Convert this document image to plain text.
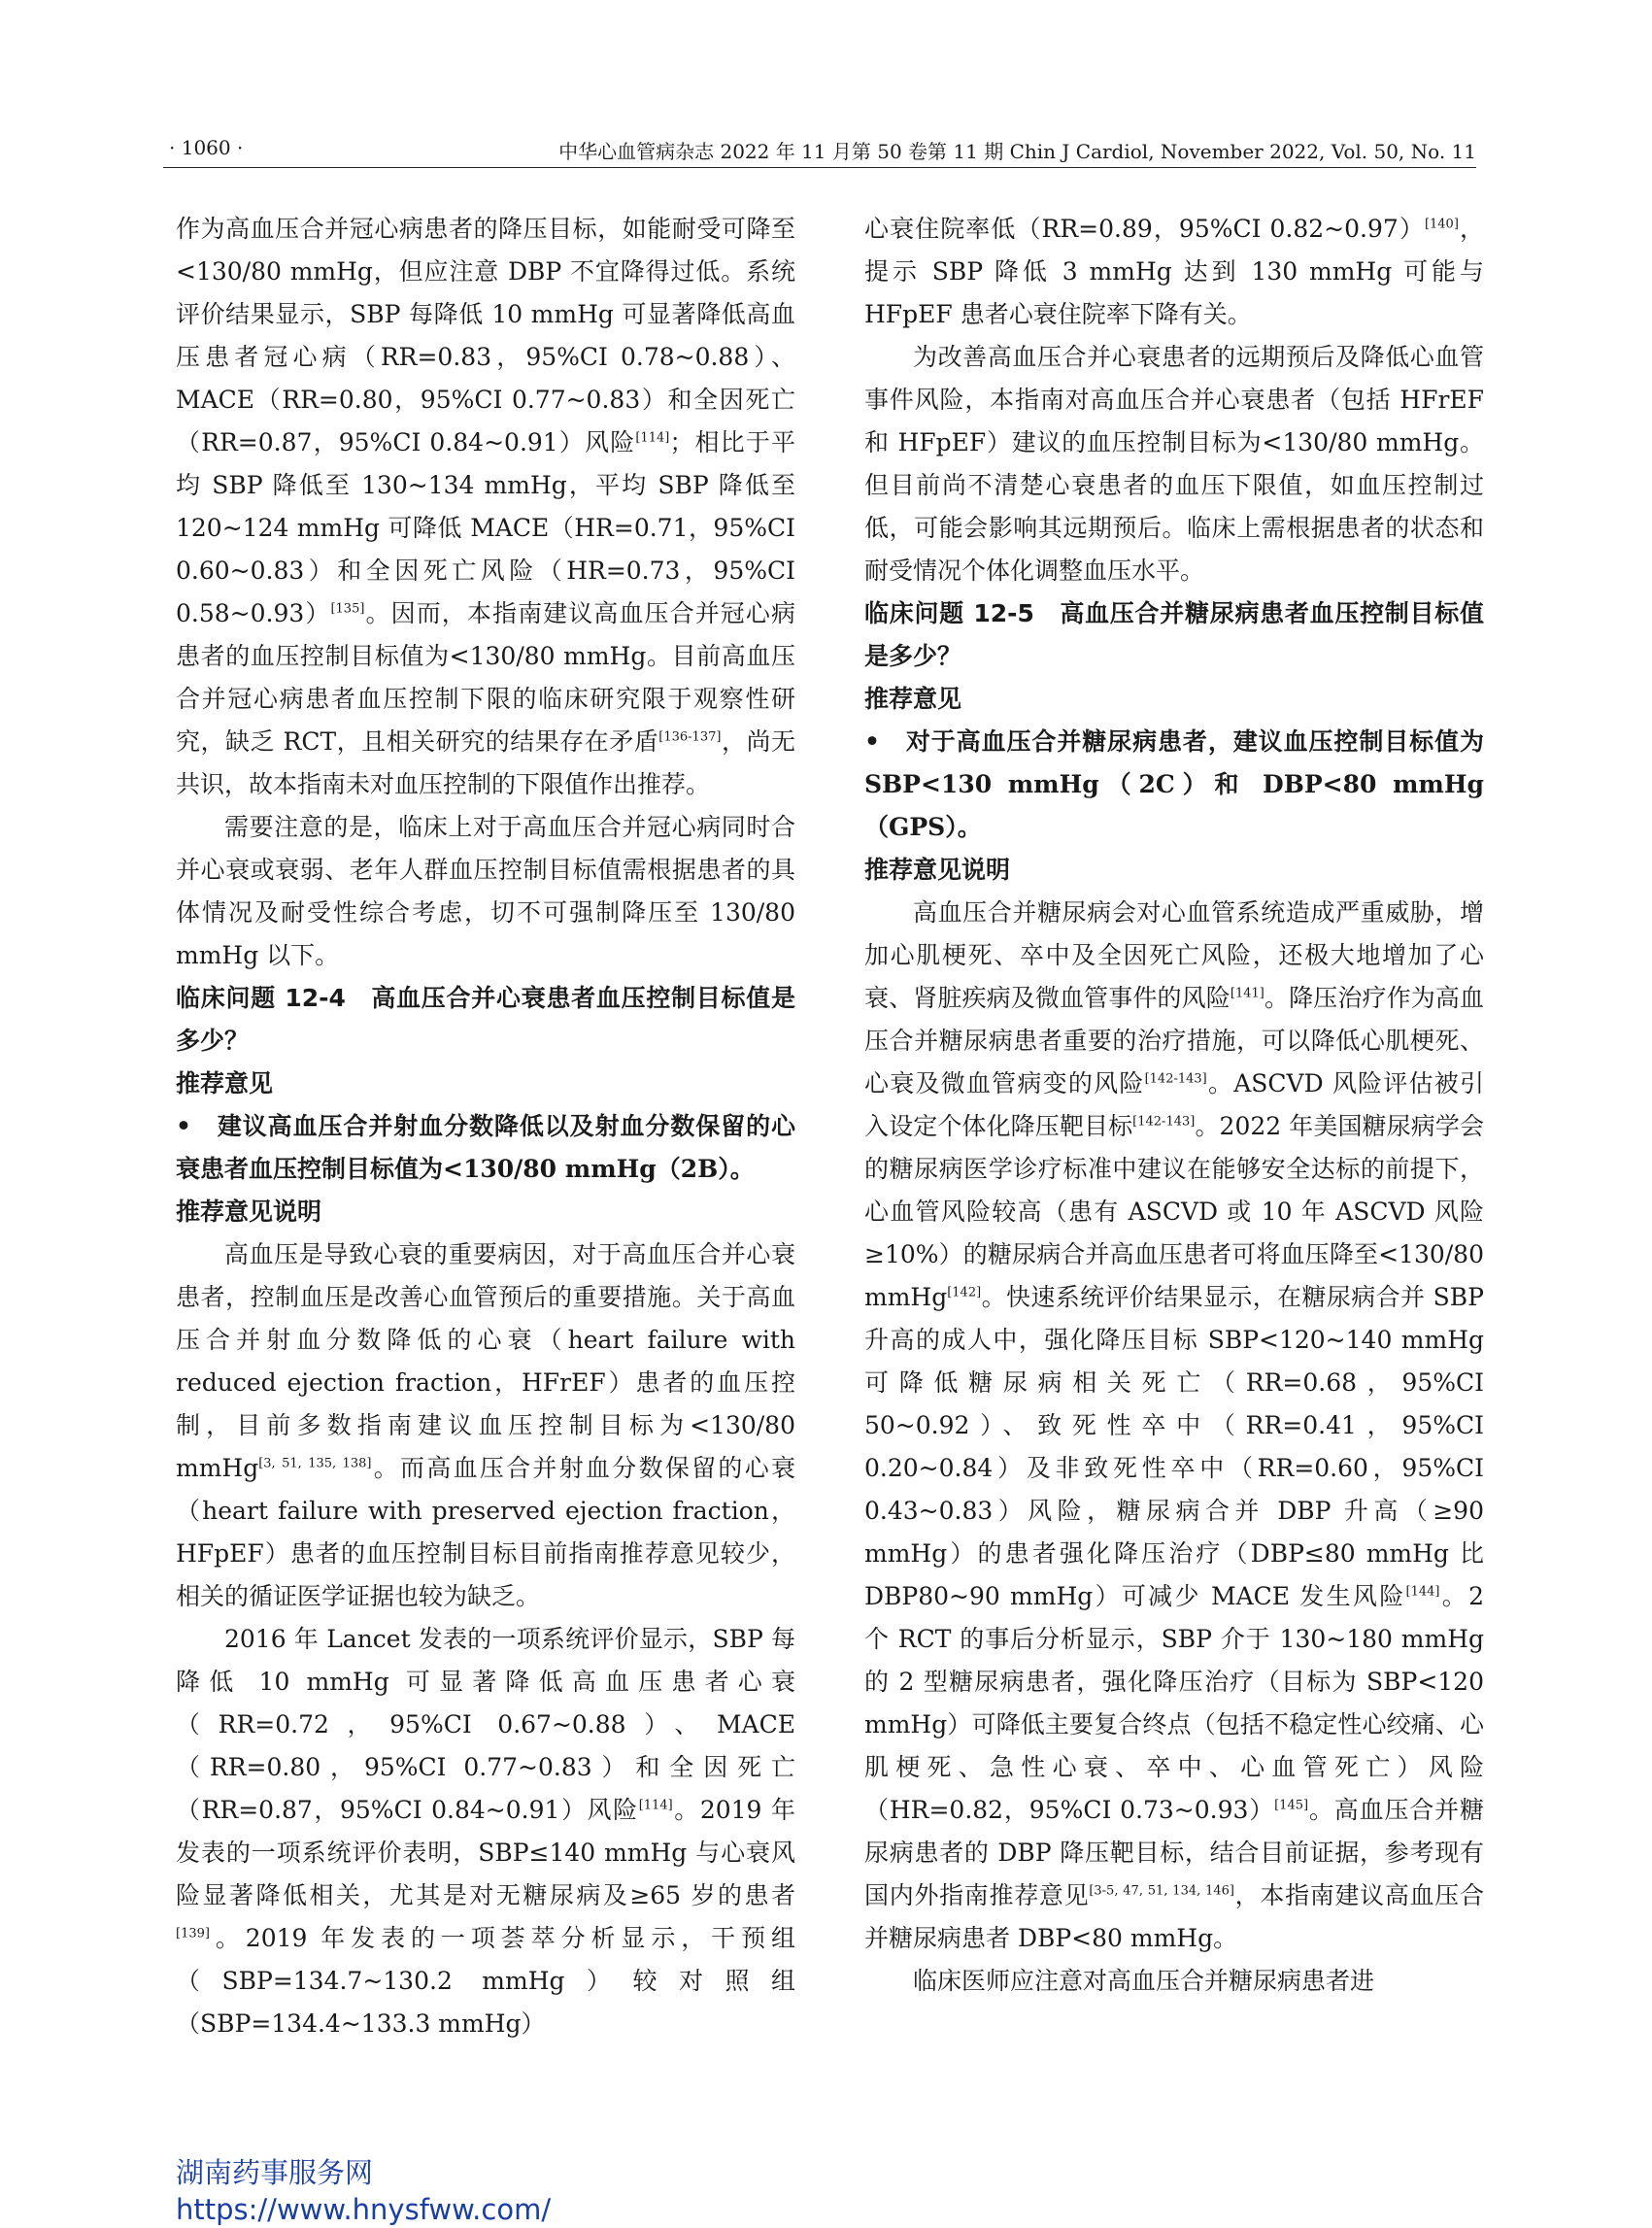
· 1060 ·	中华心血管病杂志 2022 年 11 月第 50 卷第 11 期 Chin J Cardiol, November 2022, Vol. 50, No. 11

作为高血压合并冠心病患者的降压目标，如能耐受可降至<130/80 mmHg，但应注意 DBP 不宜降得过低。系统评价结果显示，SBP 每降低 10 mmHg 可显著降低高血压患者冠心病（RR=0.83，95%CI 0.78~0.88）、MACE（RR=0.80，95%CI 0.77~0.83）和全因死亡（RR=0.87，95%CI 0.84~0.91）风险[114]；相比于平均 SBP 降低至 130~134 mmHg，平均 SBP 降低至 120~124 mmHg 可降低 MACE（HR=0.71，95%CI 0.60~0.83）和全因死亡风险（HR=0.73，95%CI 0.58~0.93）[135]。因而，本指南建议高血压合并冠心病患者的血压控制目标值为<130/80 mmHg。目前高血压合并冠心病患者血压控制下限的临床研究限于观察性研究，缺乏 RCT，且相关研究的结果存在矛盾[136-137]，尚无共识，故本指南未对血压控制的下限值作出推荐。

需要注意的是，临床上对于高血压合并冠心病同时合并心衰或衰弱、老年人群血压控制目标值需根据患者的具体情况及耐受性综合考虑，切不可强制降压至 130/80 mmHg 以下。

临床问题 12-4　高血压合并心衰患者血压控制目标值是多少？

推荐意见

•　建议高血压合并射血分数降低以及射血分数保留的心衰患者血压控制目标值为<130/80 mmHg（2B）。

推荐意见说明

高血压是导致心衰的重要病因，对于高血压合并心衰患者，控制血压是改善心血管预后的重要措施。关于高血压合并射血分数降低的心衰（heart failure with reduced ejection fraction，HFrEF）患者的血压控制，目前多数指南建议血压控制目标为<130/80 mmHg[3, 51, 135, 138]。而高血压合并射血分数保留的心衰（heart failure with preserved ejection fraction，HFpEF）患者的血压控制目标目前指南推荐意见较少，相关的循证医学证据也较为缺乏。

2016 年 Lancet 发表的一项系统评价显示，SBP 每降低 10 mmHg 可显著降低高血压患者心衰（RR=0.72，95%CI 0.67~0.88）、MACE（RR=0.80，95%CI 0.77~0.83）和全因死亡（RR=0.87，95%CI 0.84~0.91）风险[114]。2019 年发表的一项系统评价表明，SBP≤140 mmHg 与心衰风险显著降低相关，尤其是对无糖尿病及≥65 岁的患者[139]。2019 年发表的一项荟萃分析显示，干预组（SBP=134.7~130.2 mmHg）较对照组（SBP=134.4~133.3 mmHg）

心衰住院率低（RR=0.89，95%CI 0.82~0.97）[140]，提示 SBP 降低 3 mmHg 达到 130 mmHg 可能与 HFpEF 患者心衰住院率下降有关。

为改善高血压合并心衰患者的远期预后及降低心血管事件风险，本指南对高血压合并心衰患者（包括 HFrEF 和 HFpEF）建议的血压控制目标为<130/80 mmHg。但目前尚不清楚心衰患者的血压下限值，如血压控制过低，可能会影响其远期预后。临床上需根据患者的状态和耐受情况个体化调整血压水平。

临床问题 12-5　高血压合并糖尿病患者血压控制目标值是多少？

推荐意见

•　对于高血压合并糖尿病患者，建议血压控制目标值为 SBP<130 mmHg（2C）和 DBP<80 mmHg（GPS）。

推荐意见说明

高血压合并糖尿病会对心血管系统造成严重威胁，增加心肌梗死、卒中及全因死亡风险，还极大地增加了心衰、肾脏疾病及微血管事件的风险[141]。降压治疗作为高血压合并糖尿病患者重要的治疗措施，可以降低心肌梗死、心衰及微血管病变的风险[142-143]。ASCVD 风险评估被引入设定个体化降压靶目标[142-143]。2022 年美国糖尿病学会的糖尿病医学诊疗标准中建议在能够安全达标的前提下，心血管风险较高（患有 ASCVD 或 10 年 ASCVD 风险≥10%）的糖尿病合并高血压患者可将血压降至<130/80 mmHg[142]。快速系统评价结果显示，在糖尿病合并 SBP 升高的成人中，强化降压目标 SBP<120~140 mmHg 可降低糖尿病相关死亡（RR=0.68，95%CI 50~0.92）、致死性卒中（RR=0.41，95%CI 0.20~0.84）及非致死性卒中（RR=0.60，95%CI 0.43~0.83）风险，糖尿病合并 DBP 升高（≥90 mmHg）的患者强化降压治疗（DBP≤80 mmHg 比 DBP80~90 mmHg）可减少 MACE 发生风险[144]。2 个 RCT 的事后分析显示，SBP 介于 130~180 mmHg 的 2 型糖尿病患者，强化降压治疗（目标为 SBP<120 mmHg）可降低主要复合终点（包括不稳定性心绞痛、心肌梗死、急性心衰、卒中、心血管死亡）风险（HR=0.82，95%CI 0.73~0.93）[145]。高血压合并糖尿病患者的 DBP 降压靶目标，结合目前证据，参考现有国内外指南推荐意见[3-5, 47, 51, 134, 146]，本指南建议高血压合并糖尿病患者 DBP<80 mmHg。

临床医师应注意对高血压合并糖尿病患者进

湖南药事服务网
https://www.hnysfww.com/
